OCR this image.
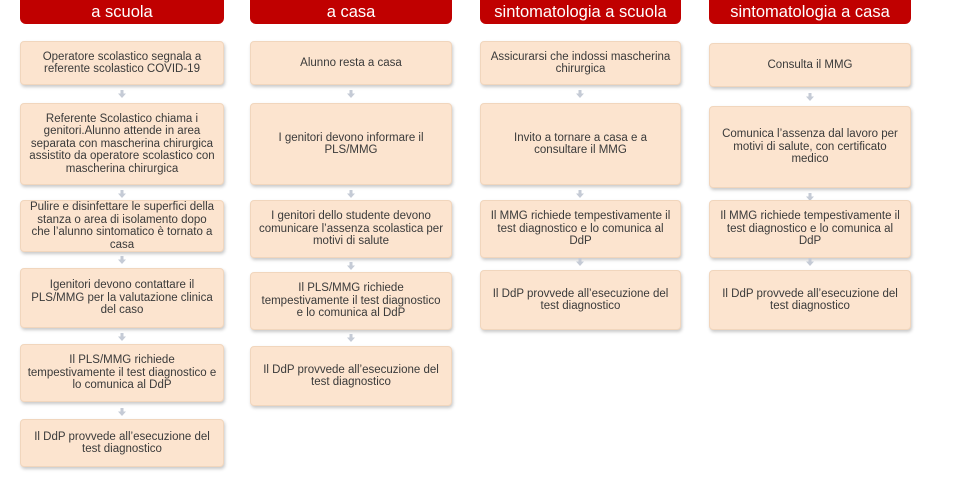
a scuola
Operatore scolastico segnala a referente scolastico COVID-19
Referente Scolastico chiama i genitori.Alunno attende in area separata con mascherina chirurgica assistito da operatore scolastico con mascherina chirurgica
Pulire e disinfettare le superfici della stanza o area di isolamento dopo che l’alunno sintomatico è tornato a casa
Igenitori devono contattare il PLS/MMG per la valutazione clinica del caso
Il PLS/MMG richiede tempestivamente il test diagnostico e lo comunica al DdP
Il DdP provvede all’esecuzione del test diagnostico
a casa
Alunno resta a casa
I genitori devono informare il PLS/MMG
I genitori dello studente devono comunicare l’assenza scolastica per motivi di salute
Il PLS/MMG richiede tempestivamente il test diagnostico e lo comunica al DdP
Il DdP provvede all’esecuzione del test diagnostico
sintomatologia a scuola
Assicurarsi che indossi mascherina chirurgica
Invito a tornare a casa e a consultare il MMG
Il MMG richiede tempestivamente il test diagnostico e lo comunica al DdP
Il DdP provvede all’esecuzione del test diagnostico
sintomatologia a casa
Consulta il MMG
Comunica l’assenza dal lavoro per motivi di salute, con certificato medico
Il MMG richiede tempestivamente il test diagnostico e lo comunica al DdP
Il DdP provvede all’esecuzione del test diagnostico
